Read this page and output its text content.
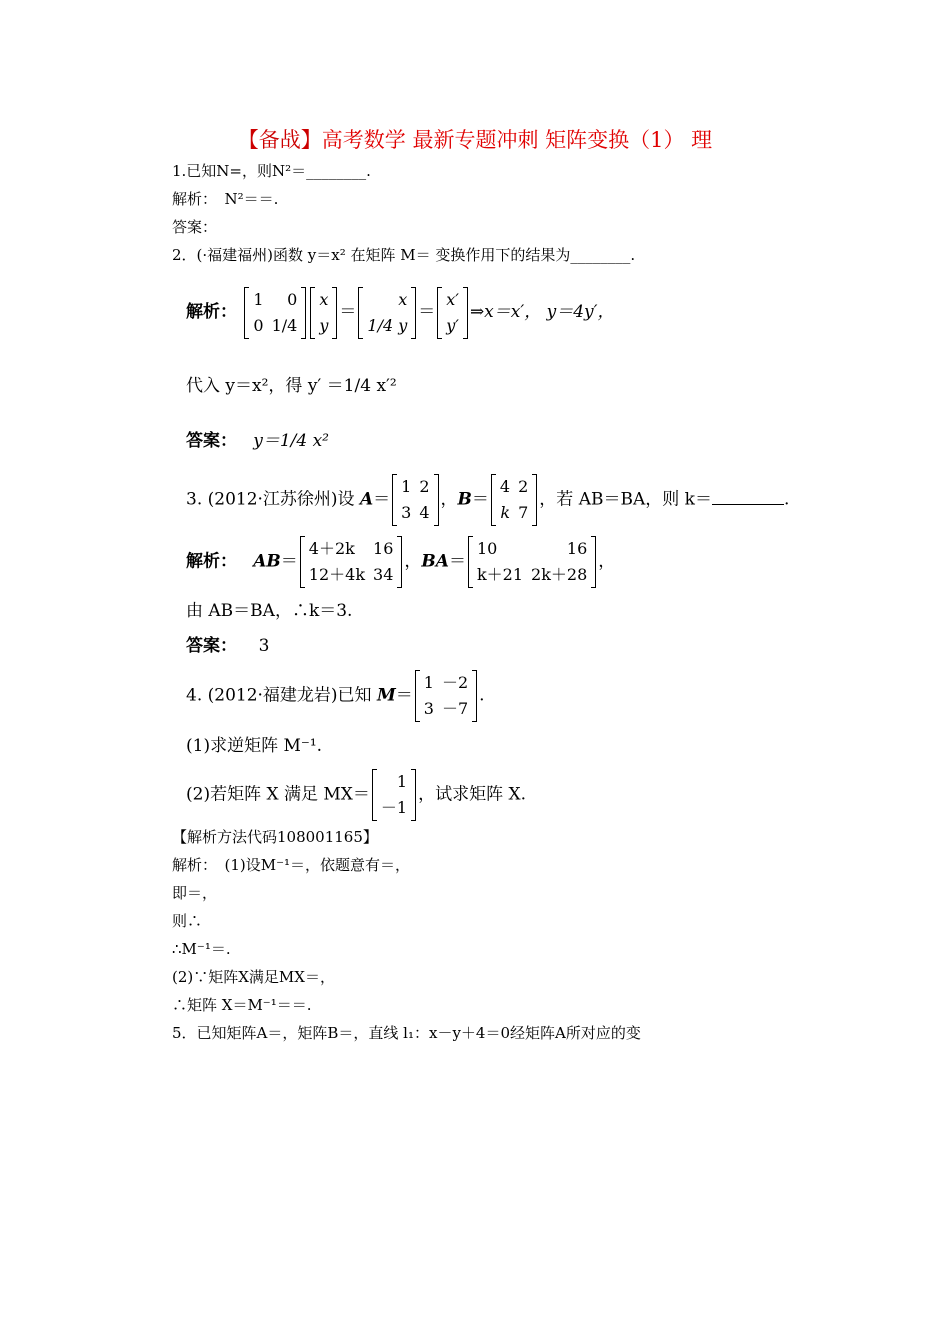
【备战】高考数学 最新专题冲刺 矩阵变换（1） 理
1.已知N=，则N²＝________.
解析：　N²＝＝.
答案：
2．(·福建福州)函数 y＝x² 在矩阵 M＝ 变换作用下的结果为________.
解析：
1	0
0	1/4
x
y
＝
x
1/4 y
＝
x′
y′
⇒x＝x′， y＝4y′，
代入 y＝x²，得 y′ ＝1/4 x′²
答案： y＝1/4 x²
3. (2012·江苏徐州)设 A＝
1	2
3	4
，B＝
4	2
k	7
，若 AB＝BA，则 k＝	.
解析： AB＝
4＋2k	16
12＋4k	34
，BA＝
10	16
k＋21	2k＋28
，
由 AB＝BA，∴k＝3.
答案： 3
4. (2012·福建龙岩)已知 M＝
1	－2
3	－7
.
(1)求逆矩阵 M⁻¹.
(2)若矩阵 X 满足 MX＝
1
－1
，试求矩阵 X.
【解析方法代码108001165】
解析：　(1)设M⁻¹＝，依题意有＝，
即＝，
则∴
∴M⁻¹＝.
(2)∵矩阵X满足MX＝，
∴矩阵 X＝M⁻¹＝＝.
5．已知矩阵A＝，矩阵B＝，直线 l₁：x－y＋4＝0经矩阵A所对应的变
